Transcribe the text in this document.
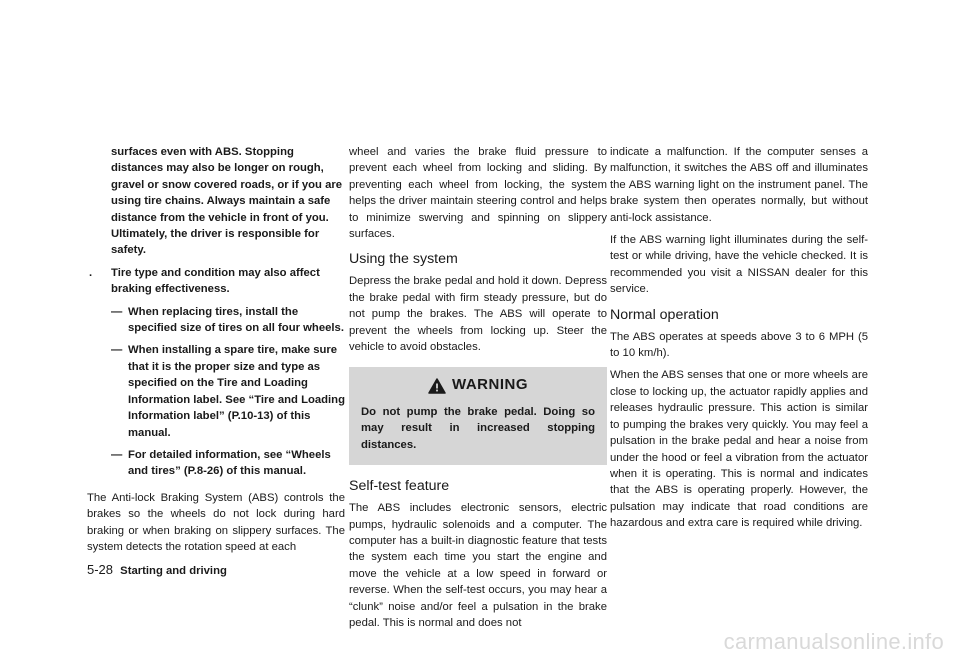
surfaces even with ABS. Stopping distances may also be longer on rough, gravel or snow covered roads, or if you are using tire chains. Always maintain a safe distance from the vehicle in front of you. Ultimately, the driver is responsible for safety.
.	Tire type and condition may also affect braking effectiveness.
— When replacing tires, install the specified size of tires on all four wheels.
— When installing a spare tire, make sure that it is the proper size and type as specified on the Tire and Loading Information label. See “Tire and Loading Information label” (P.10-13) of this manual.
— For detailed information, see “Wheels and tires” (P.8-26) of this manual.

The Anti-lock Braking System (ABS) controls the brakes so the wheels do not lock during hard braking or when braking on slippery surfaces. The system detects the rotation speed at each

wheel and varies the brake fluid pressure to prevent each wheel from locking and sliding. By preventing each wheel from locking, the system helps the driver maintain steering control and helps to minimize swerving and spinning on slippery surfaces.

Using the system

Depress the brake pedal and hold it down. Depress the brake pedal with firm steady pressure, but do not pump the brakes. The ABS will operate to prevent the wheels from locking up. Steer the vehicle to avoid obstacles.

WARNING

Do not pump the brake pedal. Doing so may result in increased stopping distances.

Self-test feature

The ABS includes electronic sensors, electric pumps, hydraulic solenoids and a computer. The computer has a built-in diagnostic feature that tests the system each time you start the engine and move the vehicle at a low speed in forward or reverse. When the self-test occurs, you may hear a “clunk” noise and/or feel a pulsation in the brake pedal. This is normal and does not

indicate a malfunction. If the computer senses a malfunction, it switches the ABS off and illuminates the ABS warning light on the instrument panel. The brake system then operates normally, but without anti-lock assistance.

If the ABS warning light illuminates during the self-test or while driving, have the vehicle checked. It is recommended you visit a NISSAN dealer for this service.

Normal operation

The ABS operates at speeds above 3 to 6 MPH (5 to 10 km/h).

When the ABS senses that one or more wheels are close to locking up, the actuator rapidly applies and releases hydraulic pressure. This action is similar to pumping the brakes very quickly. You may feel a pulsation in the brake pedal and hear a noise from under the hood or feel a vibration from the actuator when it is operating. This is normal and indicates that the ABS is operating properly. However, the pulsation may indicate that road conditions are hazardous and extra care is required while driving.

5-28 Starting and driving
carmanualsonline.info
